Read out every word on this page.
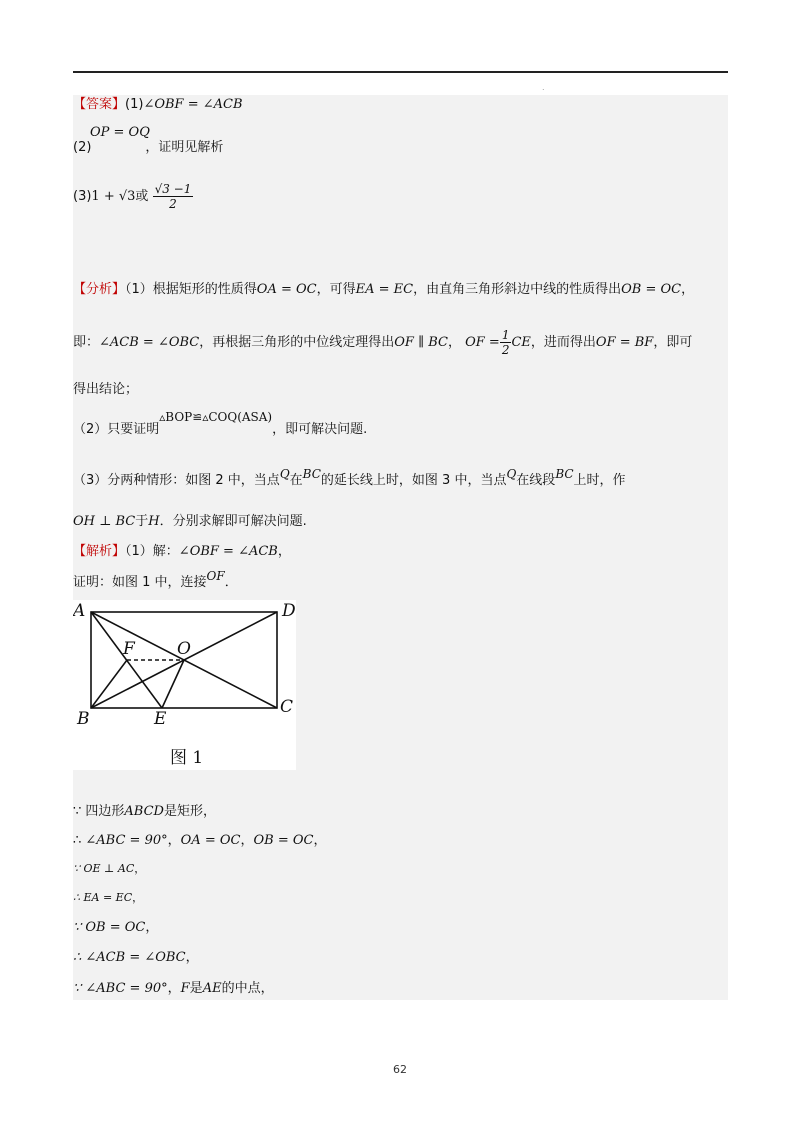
.
【答案】(1)∠OBF = ∠ACB
OP = OQ
(2)	，证明见解析
(3)1 + √3或 $\frac{√3 -1}{2}$
【分析】（1）根据矩形的性质得OA = OC，可得EA = EC，由直角三角形斜边中线的性质得出OB = OC，
即：∠ACB = ∠OBC，再根据三角形的中位线定理得出OF ∥ BC， OF = $\frac{1}{2}$ CE，进而得出OF = BF，即可
得出结论；
（2）只要证明▵BOP≌▵COQ(ASA)，即可解决问题.
（3）分两种情形：如图 2 中，当点Q在BC的延长线上时，如图 3 中，当点Q在线段BC上时，作
OH ⊥ BC于H．分别求解即可解决问题.
【解析】（1）解：∠OBF = ∠ACB，
证明：如图 1 中，连接OF．
A	D
B
C
E
F O
图 1
∵ 四边形ABCD是矩形，
∴ ∠ABC = 90°，OA = OC，OB = OC，
∵ OE ⊥ AC，
∴ EA = EC，
∵ OB = OC，
∴ ∠ACB = ∠OBC，
∵ ∠ABC = 90°，F是AE的中点，
62
